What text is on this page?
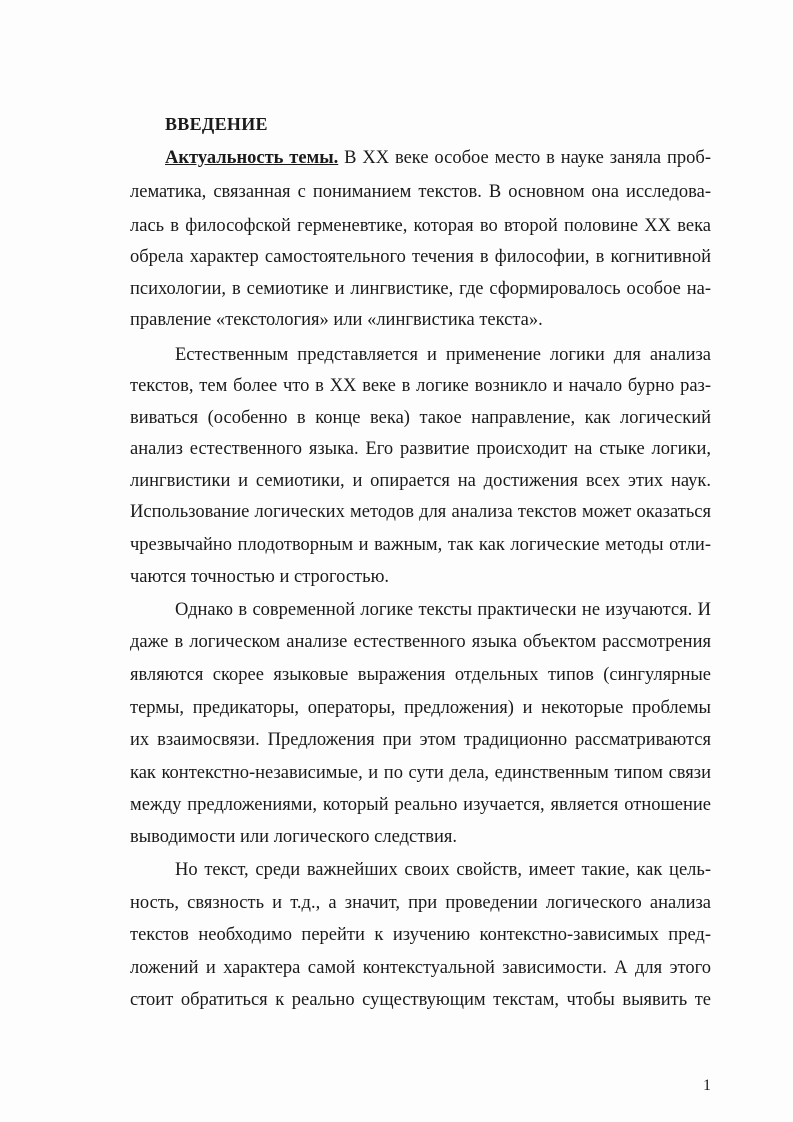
ВВЕДЕНИЕ
Актуальность темы. В XX веке особое место в науке заняла проб-
лематика, связанная с пониманием текстов. В основном она исследова-
лась в философской герменевтике, которая во второй половине XX века
обрела характер самостоятельного течения в философии, в когнитивной
психологии, в семиотике и лингвистике, где сформировалось особое на-
правление «текстология» или «лингвистика текста».
Естественным представляется и применение логики для анализа
текстов, тем более что в XX веке в логике возникло и начало бурно раз-
виваться (особенно в конце века) такое направление, как логический
анализ естественного языка. Его развитие происходит на стыке логики,
лингвистики и семиотики, и опирается на достижения всех этих наук.
Использование логических методов для анализа текстов может оказаться
чрезвычайно плодотворным и важным, так как логические методы отли-
чаются точностью и строгостью.
Однако в современной логике тексты практически не изучаются. И
даже в логическом анализе естественного языка объектом рассмотрения
являются скорее языковые выражения отдельных типов (сингулярные
термы, предикаторы, операторы, предложения) и некоторые проблемы
их взаимосвязи. Предложения при этом традиционно рассматриваются
как контекстно-независимые, и по сути дела, единственным типом связи
между предложениями, который реально изучается, является отношение
выводимости или логического следствия.
Но текст, среди важнейших своих свойств, имеет такие, как цель-
ность, связность и т.д., а значит, при проведении логического анализа
текстов необходимо перейти к изучению контекстно-зависимых пред-
ложений и характера самой контекстуальной зависимости. А для этого
стоит обратиться к реально существующим текстам, чтобы выявить те
1
